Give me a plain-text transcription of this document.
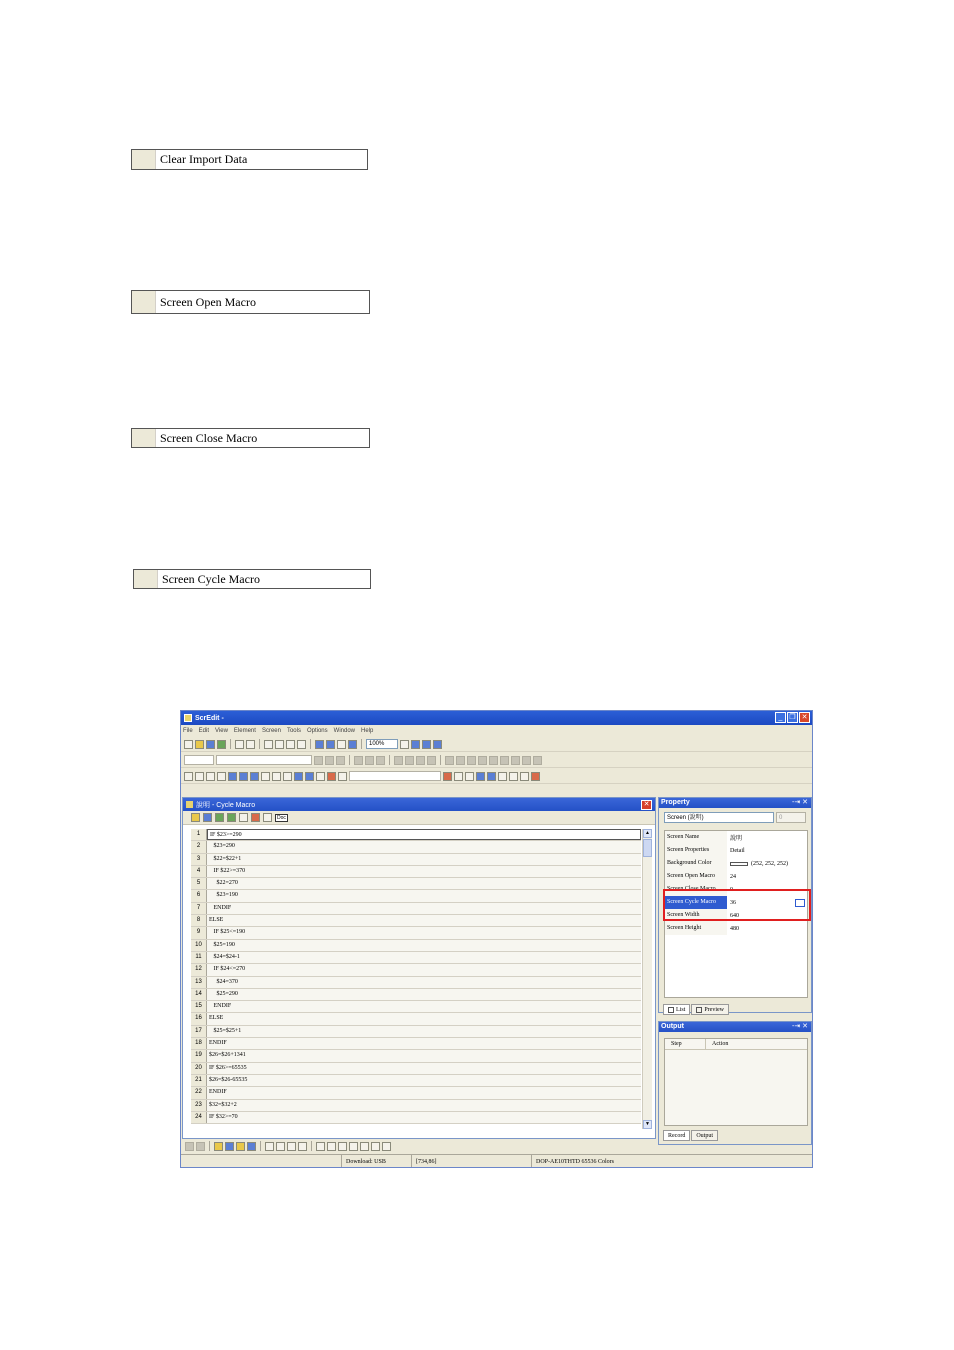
Clear Import Data
Screen Open Macro
Screen Close Macro
Screen Cycle Macro
ScrEdit -	_ ❐ ✕
File Edit View Element Screen Tools Options Window Help
100%
說明 - Cycle Macro	✕
Doc
1	IF $23>=290
2	$23=290
3	$22=$22+1
4	IF $22>=370
5	$22=270
6	$23=190
7	ENDIF
8	ELSE
9	IF $25<=190
10	$25=190
11	$24=$24-1
12	IF $24<=270
13	$24=370
14	$25=290
15	ENDIF
16	ELSE
17	$25=$25+1
18	ENDIF
19	$26=$26+1341
20	IF $26>=65535
21	$26=$26-65535
22	ENDIF
23	$32=$32+2
24	IF $32>=70
▲
▼
Property	-⇥ ✕
Screen (說明)	0
Screen Name	說明
Screen Properties	Detail
Background Color	(252, 252, 252)
Screen Open Macro	24
Screen Close Macro	0
Screen Cycle Macro	36
Screen Width	640
Screen Height	480
List	Preview
Output	-⇥ ✕
Step	Action
Record	Output
Download: USB	[734,86]	DOP-AE10THTD 65536 Colors
